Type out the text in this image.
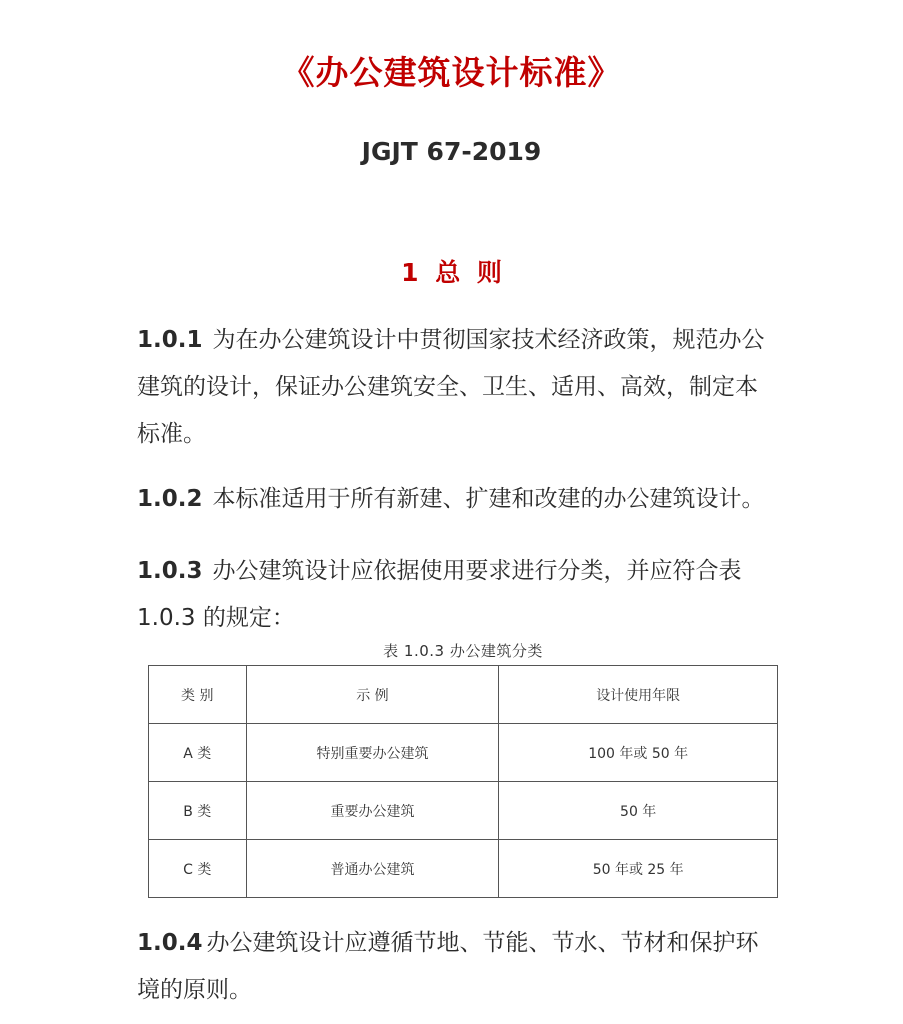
《办公建筑设计标准》
JGJT 67-2019
1 总 则
1.0.1 为在办公建筑设计中贯彻国家技术经济政策，规范办公建筑的设计，保证办公建筑安全、卫生、适用、高效，制定本标准。
1.0.2 本标准适用于所有新建、扩建和改建的办公建筑设计。
1.0.3 办公建筑设计应依据使用要求进行分类，并应符合表 1.0.3 的规定：
表 1.0.3 办公建筑分类
类 别	示 例	设计使用年限
A 类	特别重要办公建筑	100 年或 50 年
B 类	重要办公建筑	50 年
C 类	普通办公建筑	50 年或 25 年
1.0.4 办公建筑设计应遵循节地、节能、节水、节材和保护环境的原则。
